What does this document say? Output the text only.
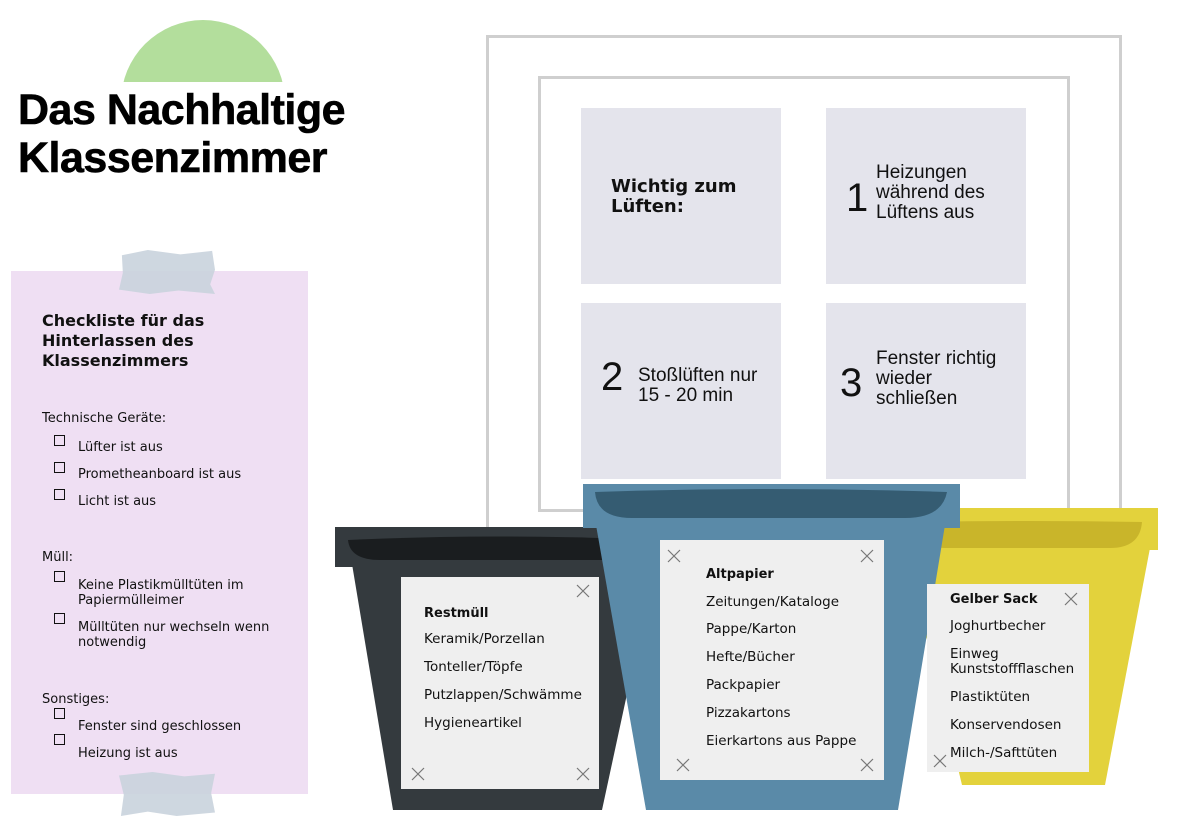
Das Nachhaltige
Klassenzimmer
Checkliste für das
Hinterlassen des
Klassenzimmers
Technische Geräte:
Lüfter ist aus
Prometheanboard ist aus
Licht ist aus
Müll:
Keine Plastikmülltüten im
Papiermülleimer
Mülltüten nur wechseln wenn
notwendig
Sonstiges:
Fenster sind geschlossen
Heizung ist aus
Wichtig zum
Lüften:	1
Heizungen
während des
Lüftens aus
2 Stoßlüften nur
15 - 20 min	3
Fenster richtig
wieder
schließen
Restmüll
Keramik/Porzellan
Tonteller/Töpfe
Putzlappen/Schwämme
Hygieneartikel
Altpapier
Zeitungen/Kataloge
Pappe/Karton
Hefte/Bücher
Packpapier
Pizzakartons
Eierkartons aus Pappe
Gelber Sack
Joghurtbecher
Einweg
Kunststoffflaschen
Plastiktüten
Konservendosen
Milch-/Safttüten
